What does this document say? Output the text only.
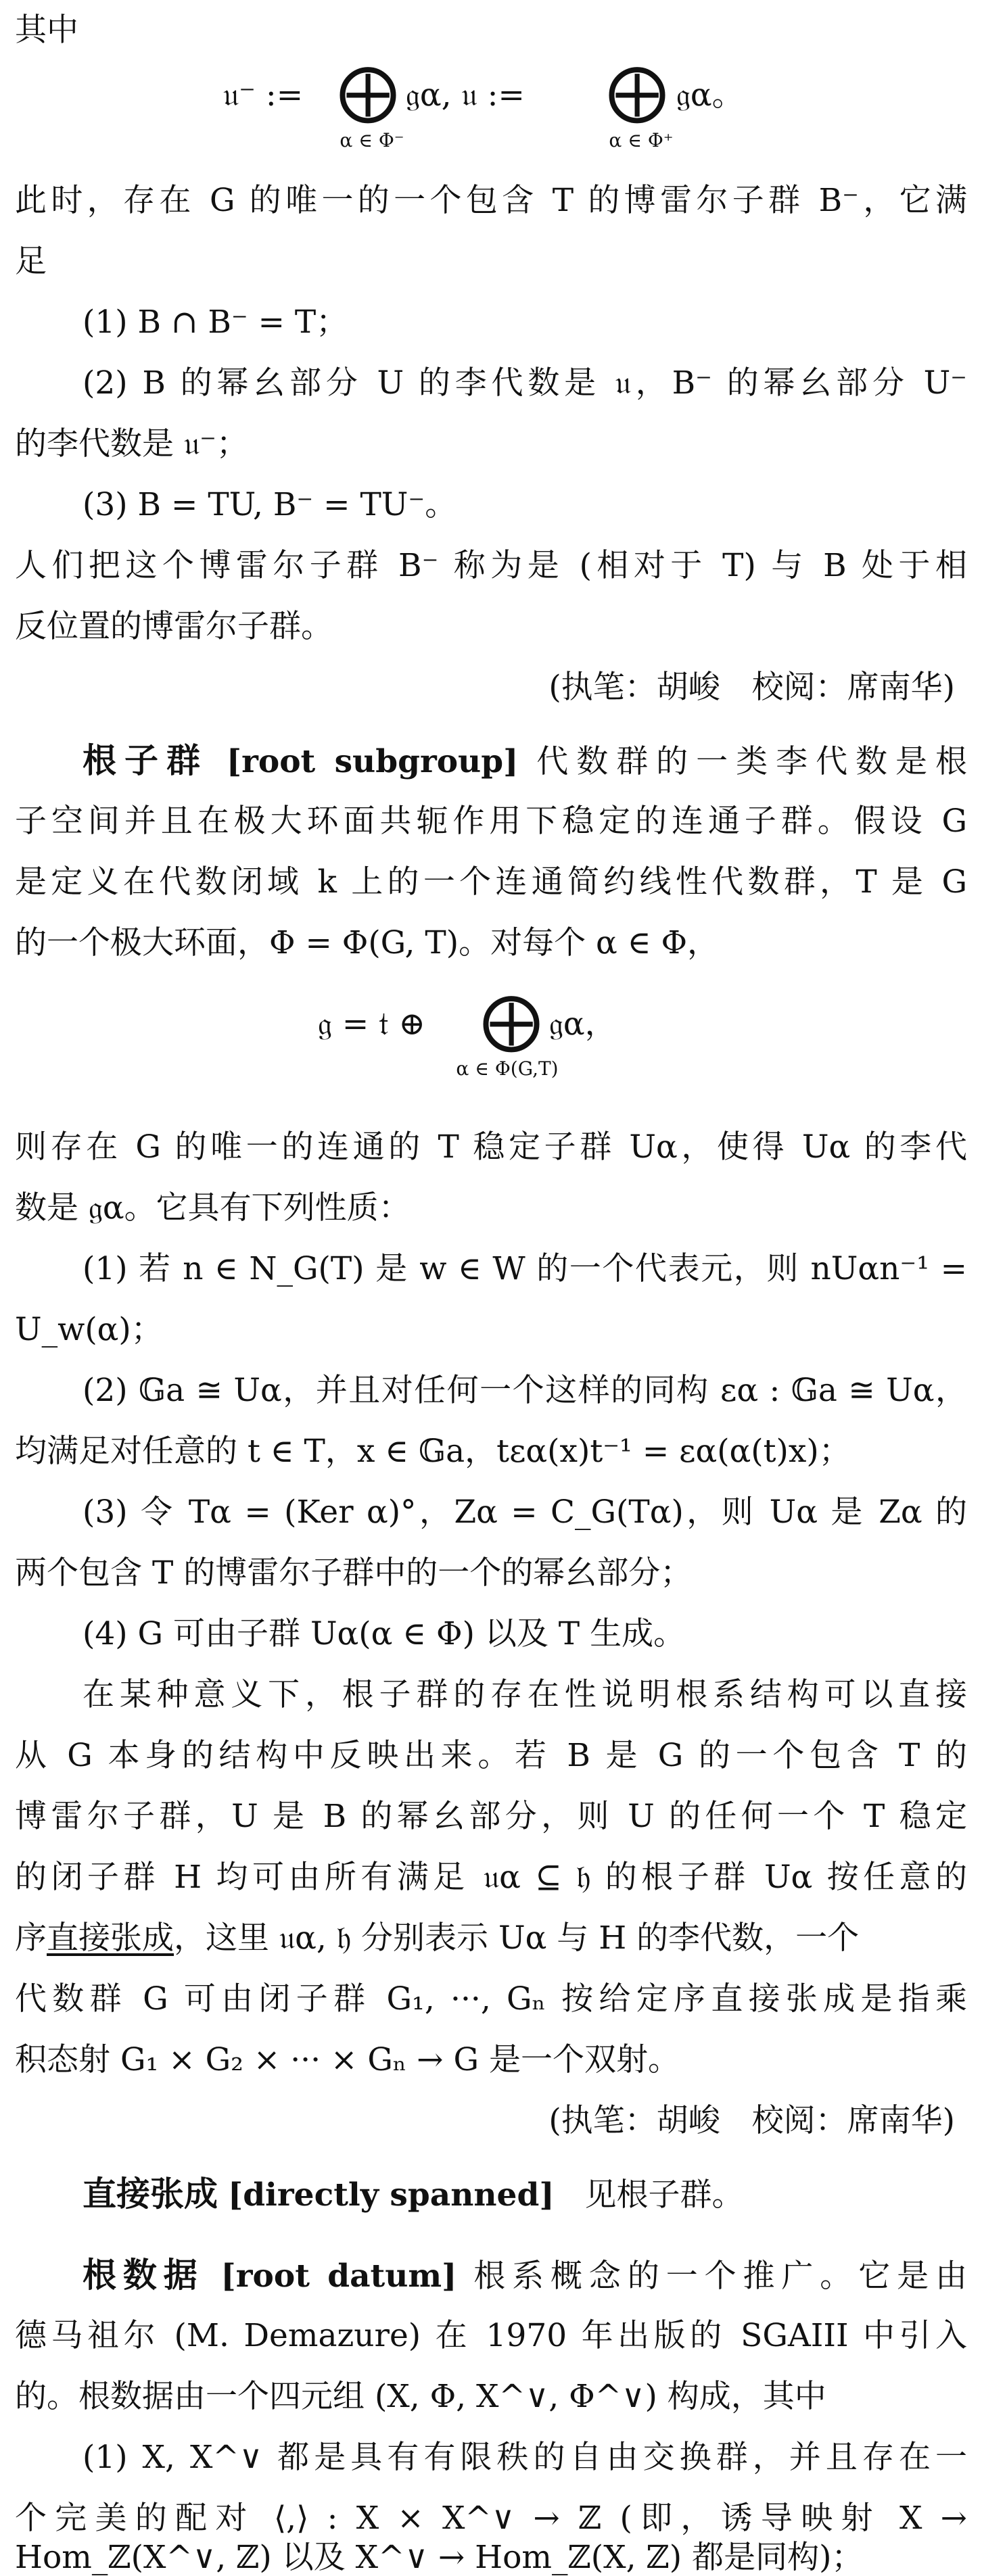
其中
𝔲⁻ := ⨁ 𝔤α, 𝔲 := ⨁ 𝔤α。
α ∈ Φ⁻	α ∈ Φ⁺
此时，存在 G 的唯一的一个包含 T 的博雷尔子群 B⁻，它满
足
(1) B ∩ B⁻ = T；
(2) B 的幂幺部分 U 的李代数是 𝔲，B⁻ 的幂幺部分 U⁻
的李代数是 𝔲⁻；
(3) B = TU, B⁻ = TU⁻。
人们把这个博雷尔子群 B⁻ 称为是 (相对于 T) 与 B 处于相
反位置的博雷尔子群。
(执笔：胡峻　校阅：席南华)
根子群 [root subgroup] 代数群的一类李代数是根
子空间并且在极大环面共轭作用下稳定的连通子群。假设 G
是定义在代数闭域 k 上的一个连通简约线性代数群，T 是 G
的一个极大环面，Φ = Φ(G, T)。对每个 α ∈ Φ，
𝔤 = 𝔱 ⊕ ⨁ 𝔤α，
α ∈ Φ(G,T)
则存在 G 的唯一的连通的 T 稳定子群 Uα，使得 Uα 的李代
数是 𝔤α。它具有下列性质：
(1) 若 n ∈ N_G(T) 是 w ∈ W 的一个代表元，则 nUαn⁻¹ =
U_w(α)；
(2) 𝔾a ≅ Uα，并且对任何一个这样的同构 εα : 𝔾a ≅ Uα，
均满足对任意的 t ∈ T，x ∈ 𝔾a，tεα(x)t⁻¹ = εα(α(t)x)；
(3) 令 Tα = (Ker α)°，Zα = C_G(Tα)，则 Uα 是 Zα 的
两个包含 T 的博雷尔子群中的一个的幂幺部分；
(4) G 可由子群 Uα(α ∈ Φ) 以及 T 生成。
在某种意义下，根子群的存在性说明根系结构可以直接
从 G 本身的结构中反映出来。若 B 是 G 的一个包含 T 的
博雷尔子群，U 是 B 的幂幺部分，则 U 的任何一个 T 稳定
的闭子群 H 均可由所有满足 𝔲α ⊆ 𝔥 的根子群 Uα 按任意的
序直接张成，这里 𝔲α, 𝔥 分别表示 Uα 与 H 的李代数，一个
代数群 G 可由闭子群 G₁, ···, Gₙ 按给定序直接张成是指乘
积态射 G₁ × G₂ × ··· × Gₙ → G 是一个双射。
(执笔：胡峻　校阅：席南华)
直接张成 [directly spanned] 见根子群。
根数据 [root datum] 根系概念的一个推广。它是由
德马祖尔 (M. Demazure) 在 1970 年出版的 SGAIII 中引入
的。根数据由一个四元组 (X, Φ, X^∨, Φ^∨) 构成，其中
(1) X, X^∨ 都是具有有限秩的自由交换群，并且存在一
个完美的配对 ⟨,⟩ : X × X^∨ → ℤ (即，诱导映射 X →
Hom_ℤ(X^∨, ℤ) 以及 X^∨ → Hom_ℤ(X, ℤ) 都是同构)；
